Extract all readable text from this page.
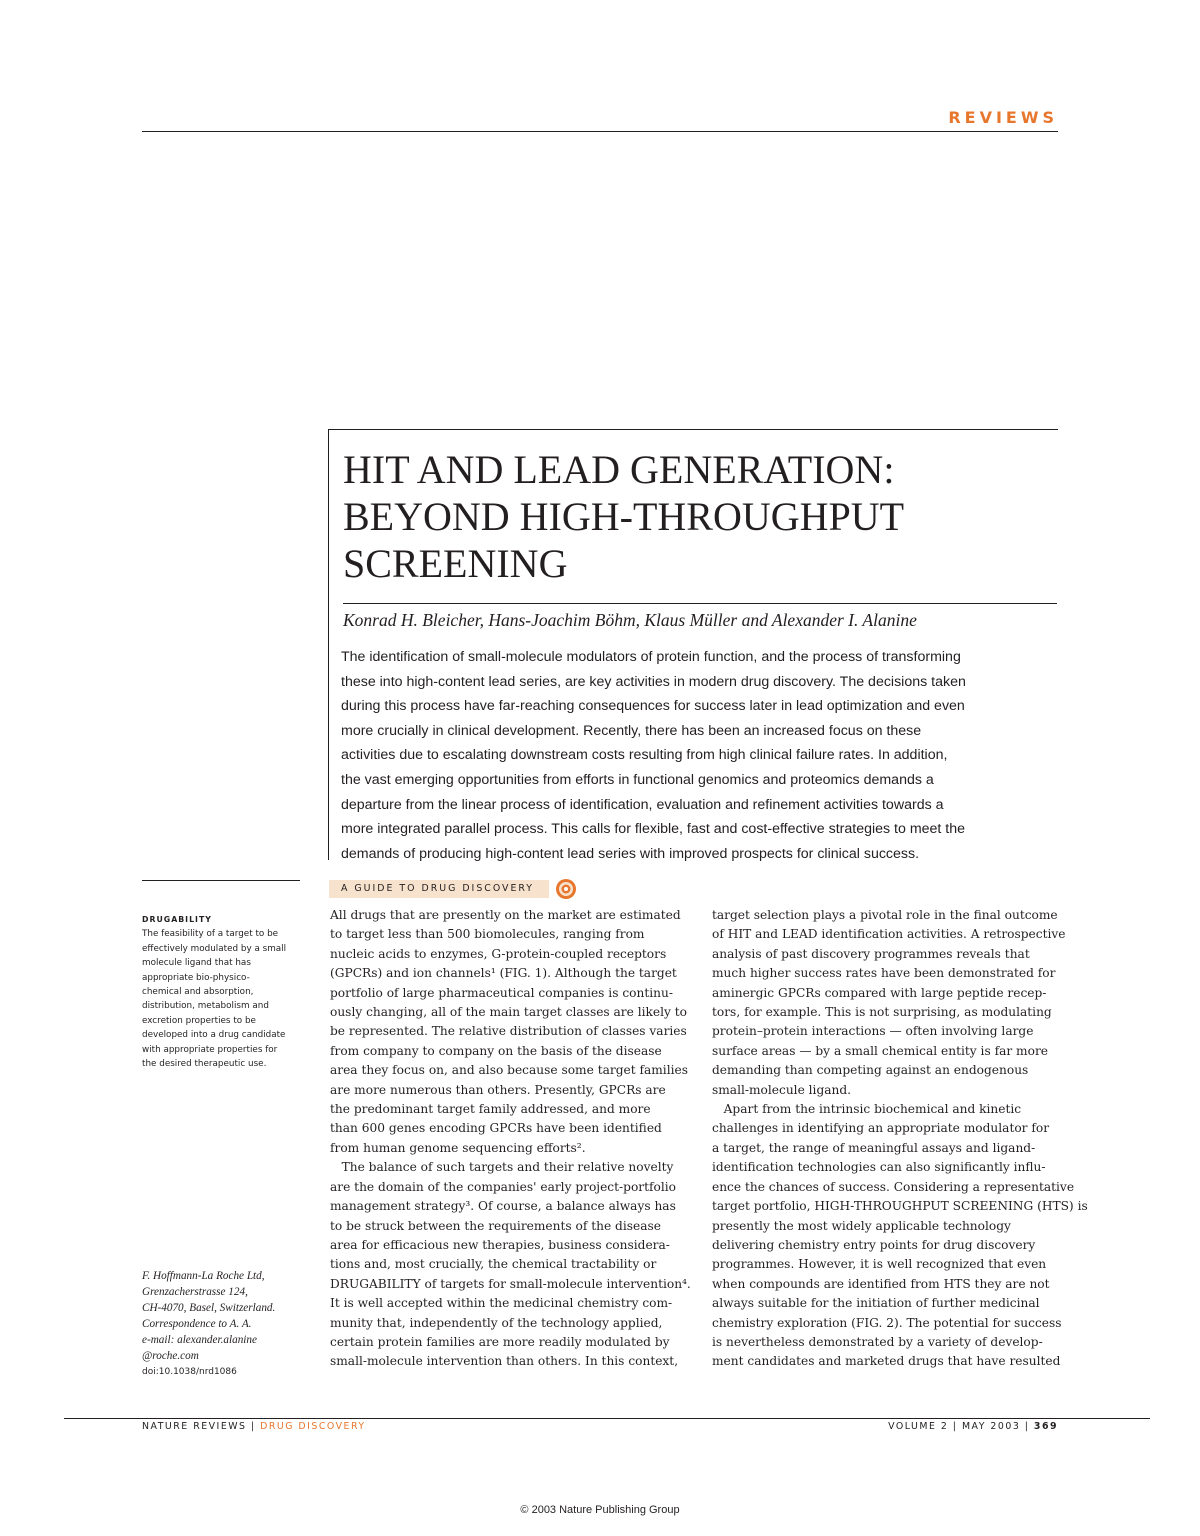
REVIEWS
HIT AND LEAD GENERATION:
BEYOND HIGH-THROUGHPUT
SCREENING
Konrad H. Bleicher, Hans-Joachim Böhm, Klaus Müller and Alexander I. Alanine
The identification of small-molecule modulators of protein function, and the process of transforming
these into high-content lead series, are key activities in modern drug discovery. The decisions taken
during this process have far-reaching consequences for success later in lead optimization and even
more crucially in clinical development. Recently, there has been an increased focus on these
activities due to escalating downstream costs resulting from high clinical failure rates. In addition,
the vast emerging opportunities from efforts in functional genomics and proteomics demands a
departure from the linear process of identification, evaluation and refinement activities towards a
more integrated parallel process. This calls for flexible, fast and cost-effective strategies to meet the
demands of producing high-content lead series with improved prospects for clinical success.
A GUIDE TO DRUG DISCOVERY
DRUGABILITY
The feasibility of a target to be
effectively modulated by a small
molecule ligand that has
appropriate bio-physico-
chemical and absorption,
distribution, metabolism and
excretion properties to be
developed into a drug candidate
with appropriate properties for
the desired therapeutic use.
F. Hoffmann-La Roche Ltd,
Grenzacherstrasse 124,
CH-4070, Basel, Switzerland.
Correspondence to A. A.
e-mail: alexander.alanine
@roche.com
doi:10.1038/nrd1086
All drugs that are presently on the market are estimated
to target less than 500 biomolecules, ranging from
nucleic acids to enzymes, G-protein-coupled receptors
(GPCRs) and ion channels¹ (FIG. 1). Although the target
portfolio of large pharmaceutical companies is continu-
ously changing, all of the main target classes are likely to
be represented. The relative distribution of classes varies
from company to company on the basis of the disease
area they focus on, and also because some target families
are more numerous than others. Presently, GPCRs are
the predominant target family addressed, and more
than 600 genes encoding GPCRs have been identified
from human genome sequencing efforts².
The balance of such targets and their relative novelty
are the domain of the companies' early project-portfolio
management strategy³. Of course, a balance always has
to be struck between the requirements of the disease
area for efficacious new therapies, business considera-
tions and, most crucially, the chemical tractability or
DRUGABILITY of targets for small-molecule intervention⁴.
It is well accepted within the medicinal chemistry com-
munity that, independently of the technology applied,
certain protein families are more readily modulated by
small-molecule intervention than others. In this context,
target selection plays a pivotal role in the final outcome
of HIT and LEAD identification activities. A retrospective
analysis of past discovery programmes reveals that
much higher success rates have been demonstrated for
aminergic GPCRs compared with large peptide recep-
tors, for example. This is not surprising, as modulating
protein–protein interactions — often involving large
surface areas — by a small chemical entity is far more
demanding than competing against an endogenous
small-molecule ligand.
Apart from the intrinsic biochemical and kinetic
challenges in identifying an appropriate modulator for
a target, the range of meaningful assays and ligand-
identification technologies can also significantly influ-
ence the chances of success. Considering a representative
target portfolio, HIGH-THROUGHPUT SCREENING (HTS) is
presently the most widely applicable technology
delivering chemistry entry points for drug discovery
programmes. However, it is well recognized that even
when compounds are identified from HTS they are not
always suitable for the initiation of further medicinal
chemistry exploration (FIG. 2). The potential for success
is nevertheless demonstrated by a variety of develop-
ment candidates and marketed drugs that have resulted
NATURE REVIEWS | DRUG DISCOVERY	VOLUME 2 | MAY 2003 | 369
© 2003 Nature Publishing Group
